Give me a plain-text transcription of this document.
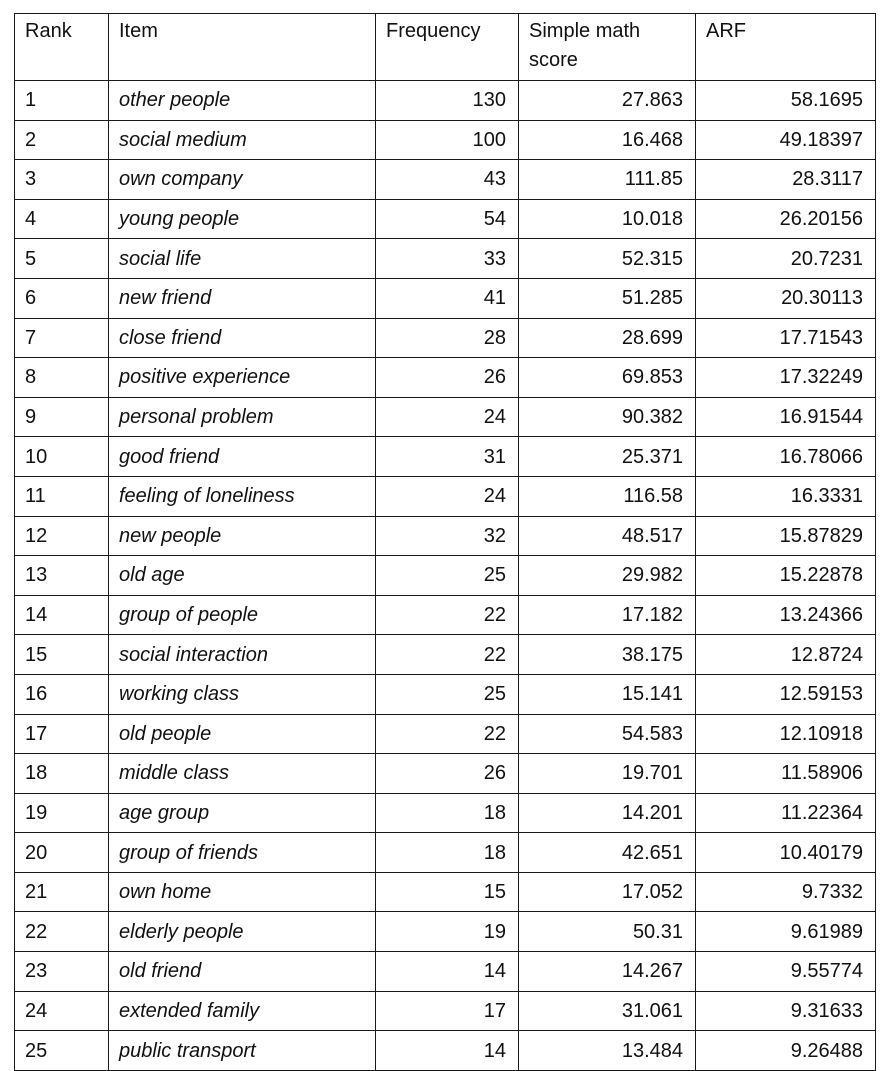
Rank	Item	Frequency	Simple math score	ARF
1	other people	130	27.863	58.1695
2	social medium	100	16.468	49.18397
3	own company	43	111.85	28.3117
4	young people	54	10.018	26.20156
5	social life	33	52.315	20.7231
6	new friend	41	51.285	20.30113
7	close friend	28	28.699	17.71543
8	positive experience	26	69.853	17.32249
9	personal problem	24	90.382	16.91544
10	good friend	31	25.371	16.78066
11	feeling of loneliness	24	116.58	16.3331
12	new people	32	48.517	15.87829
13	old age	25	29.982	15.22878
14	group of people	22	17.182	13.24366
15	social interaction	22	38.175	12.8724
16	working class	25	15.141	12.59153
17	old people	22	54.583	12.10918
18	middle class	26	19.701	11.58906
19	age group	18	14.201	11.22364
20	group of friends	18	42.651	10.40179
21	own home	15	17.052	9.7332
22	elderly people	19	50.31	9.61989
23	old friend	14	14.267	9.55774
24	extended family	17	31.061	9.31633
25	public transport	14	13.484	9.26488
